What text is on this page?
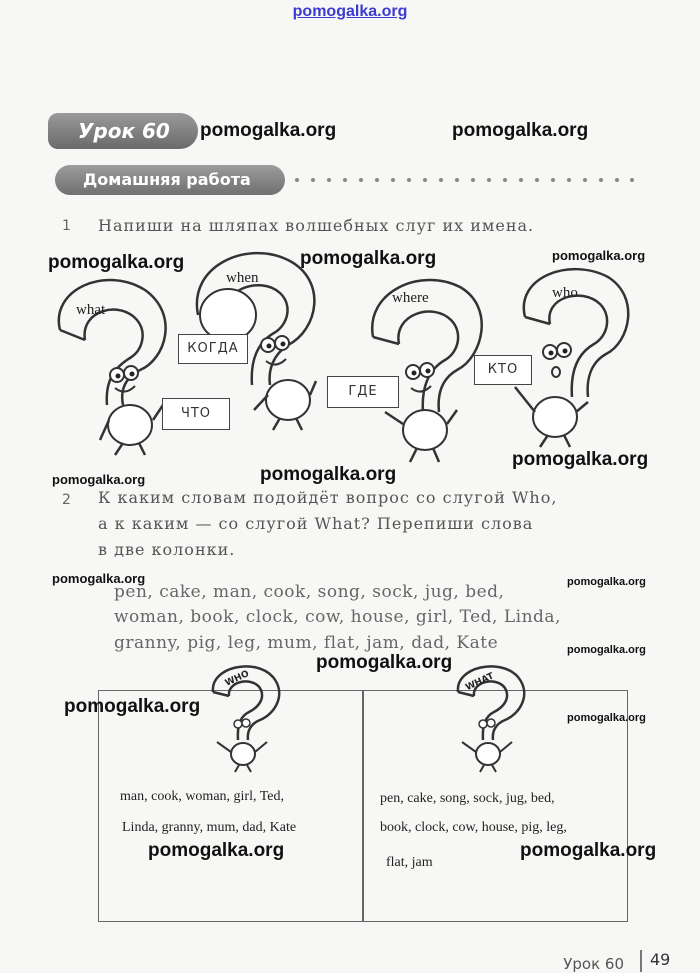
pomogalka.org
Урок 60	pomogalka.org	pomogalka.org
Домашняя работа
1 Напиши на шляпах волшебных слуг их имена.
pomogalka.org	pomogalka.org	pomogalka.org
what
ЧТО
when
КОГДА
where
ГДЕ
who
КТО
pomogalka.org
pomogalka.org
pomogalka.org
2 К каким словам подойдёт вопрос со слугой Who,
а к каким — со слугой What? Перепиши слова
в две колонки.
pomogalka.org
pen, cake, man, cook, song, sock, jug, bed,
woman, book, clock, cow, house, girl, Ted, Linda,
granny, pig, leg, mum, flat, jam, dad, Kate
pomogalka.org
pomogalka.org
pomogalka.org
WHO	WHAT
pomogalka.org
pomogalka.org
man, cook, woman, girl, Ted,
Linda, granny, mum, dad, Kate
pen, cake, song, sock, jug, bed,
book, clock, cow, house, pig, leg,
flat, jam
pomogalka.org	pomogalka.org
Урок 60	49
